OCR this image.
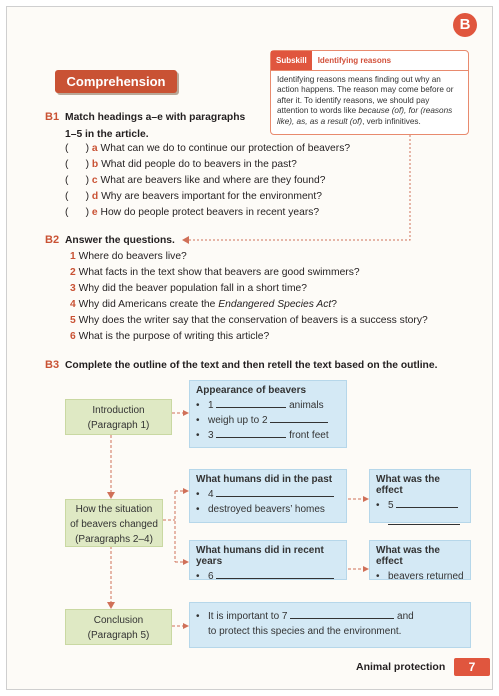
B
Comprehension
Subskill	Identifying reasons
Identifying reasons means finding out why an action happens. The reason may come before or after it. To identify reasons, we should pay attention to words like because (of), for (reasons like), as, as a result (of), verb infinitives.
B1 Match headings a–e with paragraphs 1–5 in the article.
(      ) a What can we do to continue our protection of beavers?
(      ) b What did people do to beavers in the past?
(      ) c What are beavers like and where are they found?
(      ) d Why are beavers important for the environment?
(      ) e How do people protect beavers in recent years?
B2 Answer the questions.
1 Where do beavers live?
2 What facts in the text show that beavers are good swimmers?
3 Why did the beaver population fall in a short time?
4 Why did Americans create the Endangered Species Act?
5 Why does the writer say that the conservation of beavers is a success story?
6 What is the purpose of writing this article?
B3 Complete the outline of the text and then retell the text based on the outline.
Introduction
(Paragraph 1)
How the situation
of beavers changed
(Paragraphs 2–4)
Conclusion
(Paragraph 5)
Appearance of beavers
• 1	animals
• weigh up to 2
• 3	front feet
What humans did in the past
• 4
• destroyed beavers’ homes
What was the effect
• 5
What humans did in recent years
• 6
What was the effect
• beavers returned
• It is important to 7	and
to protect this species and the environment.
Animal protection	7
